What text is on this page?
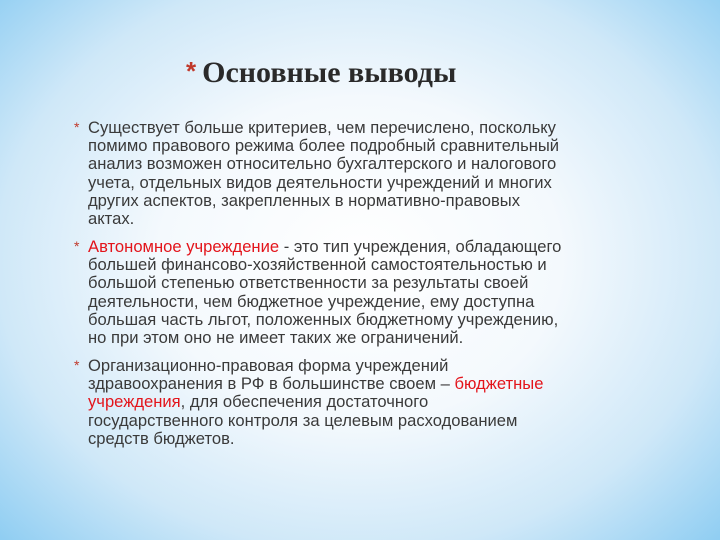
* Основные выводы
* Существует больше критериев, чем перечислено, поскольку
помимо правового режима более подробный сравнительный
анализ возможен относительно бухгалтерского и налогового
учета, отдельных видов деятельности учреждений и многих
других аспектов, закрепленных в нормативно-правовых
актах.
* Автономное учреждение - это тип учреждения, обладающего
большей финансово-хозяйственной самостоятельностью и
большой степенью ответственности за результаты своей
деятельности, чем бюджетное учреждение, ему доступна
большая часть льгот, положенных бюджетному учреждению,
но при этом оно не имеет таких же ограничений.
* Организационно-правовая форма учреждений
здравоохранения в РФ в большинстве своем – бюджетные
учреждения, для обеспечения достаточного
государственного контроля за целевым расходованием
средств бюджетов.
